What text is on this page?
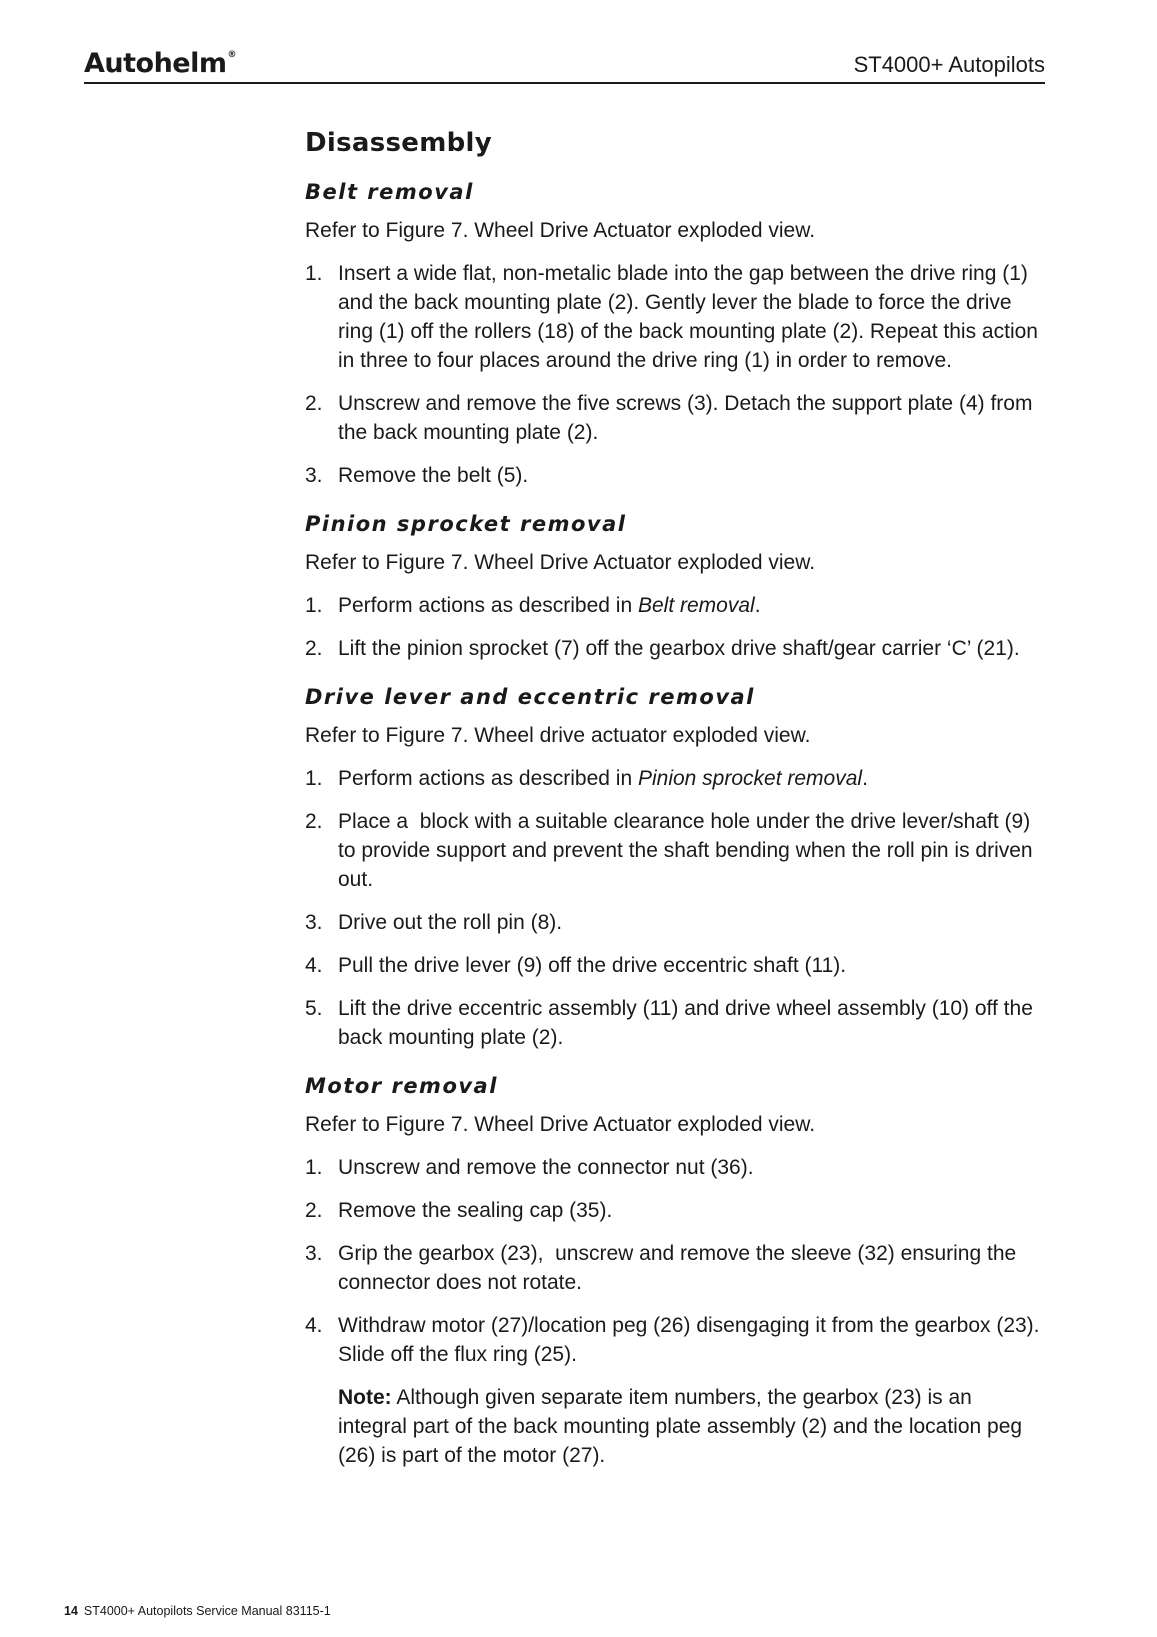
Autohelm®	ST4000+ Autopilots
Disassembly
Belt removal

Refer to Figure 7. Wheel Drive Actuator exploded view.

1. Insert a wide flat, non-metalic blade into the gap between the drive ring (1) and the back mounting plate (2). Gently lever the blade to force the drive ring (1) off the rollers (18) of the back mounting plate (2). Repeat this action in three to four places around the drive ring (1) in order to remove.
2. Unscrew and remove the five screws (3). Detach the support plate (4) from the back mounting plate (2).
3. Remove the belt (5).
Pinion sprocket removal

Refer to Figure 7. Wheel Drive Actuator exploded view.

1. Perform actions as described in Belt removal.
2. Lift the pinion sprocket (7) off the gearbox drive shaft/gear carrier ‘C’ (21).
Drive lever and eccentric removal

Refer to Figure 7. Wheel drive actuator exploded view.

1. Perform actions as described in Pinion sprocket removal.
2. Place a  block with a suitable clearance hole under the drive lever/shaft (9) to provide support and prevent the shaft bending when the roll pin is driven out.
3. Drive out the roll pin (8).
4. Pull the drive lever (9) off the drive eccentric shaft (11).
5. Lift the drive eccentric assembly (11) and drive wheel assembly (10) off the back mounting plate (2).
Motor removal

Refer to Figure 7. Wheel Drive Actuator exploded view.

1. Unscrew and remove the connector nut (36).
2. Remove the sealing cap (35).
3. Grip the gearbox (23),  unscrew and remove the sleeve (32) ensuring the connector does not rotate.
4. Withdraw motor (27)/location peg (26) disengaging it from the gearbox (23). Slide off the flux ring (25).

Note: Although given separate item numbers, the gearbox (23) is an integral part of the back mounting plate assembly (2) and the location peg (26) is part of the motor (27).

14 ST4000+ Autopilots Service Manual 83115-1
